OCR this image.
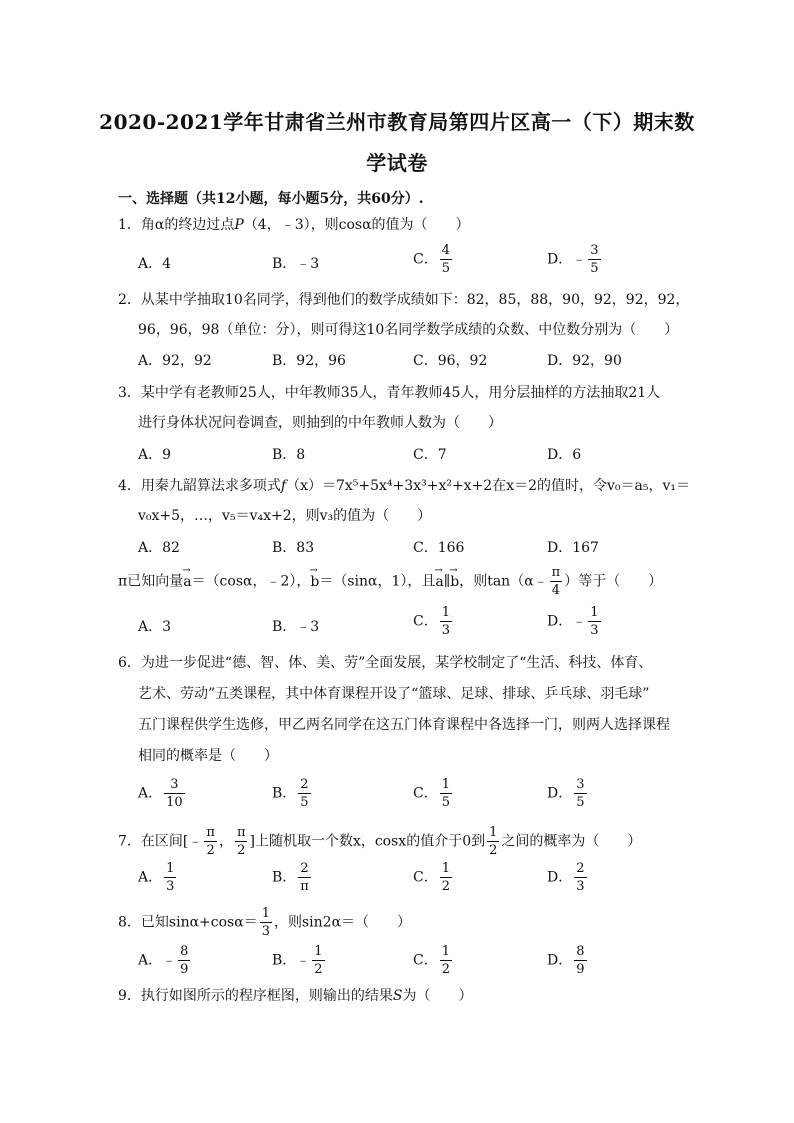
2020-2021学年甘肃省兰州市教育局第四片区高一（下）期末数
学试卷
一、选择题（共12小题，每小题5分，共60分）.
1．角α的终边过点P（4，﹣3），则cosα的值为（　　）
A．4	B．﹣3	C． $\frac{4}{5}$	D．﹣ $\frac{3}{5}$
2．从某中学抽取10名同学，得到他们的数学成绩如下：82，85，88，90，92，92，92，
96，96，98（单位：分），则可得这10名同学数学成绩的众数、中位数分别为（　　）
A．92，92	B．92，96	C．96，92	D．92，90
3．某中学有老教师25人，中年教师35人，青年教师45人，用分层抽样的方法抽取21人
进行身体状况问卷调查，则抽到的中年教师人数为（　　）
A．9	B．8	C．7	D．6
4．用秦九韶算法求多项式f（x）＝7x⁵+5x⁴+3x³+x²+x+2在x＝2的值时，令v₀＝a₅，v₁＝
v₀x+5，…，v₅＝v₄x+2，则v₃的值为（　　）
A．82	B．83	C．166	D．167
π已知向量→ a＝（cosα，﹣2），→ b＝（sinα，1），且→ a∥→ b，则tan（α﹣ $\frac{\pi}{4}$ ）等于（　　）
A．3	B．﹣3	C． $\frac{1}{3}$	D．﹣ $\frac{1}{3}$
6．为进一步促进“德、智、体、美、劳”全面发展，某学校制定了“生活、科技、体育、
艺术、劳动”五类课程，其中体育课程开设了“篮球、足球、排球、乒乓球、羽毛球”
五门课程供学生选修，甲乙两名同学在这五门体育课程中各选择一门，则两人选择课程
相同的概率是（　　）
A． $\frac{3}{10}$	B． $\frac{2}{5}$	C． $\frac{1}{5}$	D． $\frac{3}{5}$
7．在区间[﹣ $\frac{\pi}{2}$ ， $\frac{\pi}{2}$ ]上随机取一个数x，cosx的值介于0到 $\frac{1}{2}$ 之间的概率为（　　）
A． $\frac{1}{3}$	B． $\frac{2}{\pi}$	C． $\frac{1}{2}$	D． $\frac{2}{3}$
8．已知$\sin\alpha+\cos\alpha= \frac{1}{3}$ ，则sin2α＝（　　）
A．﹣ $\frac{8}{9}$	B．﹣ $\frac{1}{2}$	C． $\frac{1}{2}$	D． $\frac{8}{9}$
9．执行如图所示的程序框图，则输出的结果S为（　　）
